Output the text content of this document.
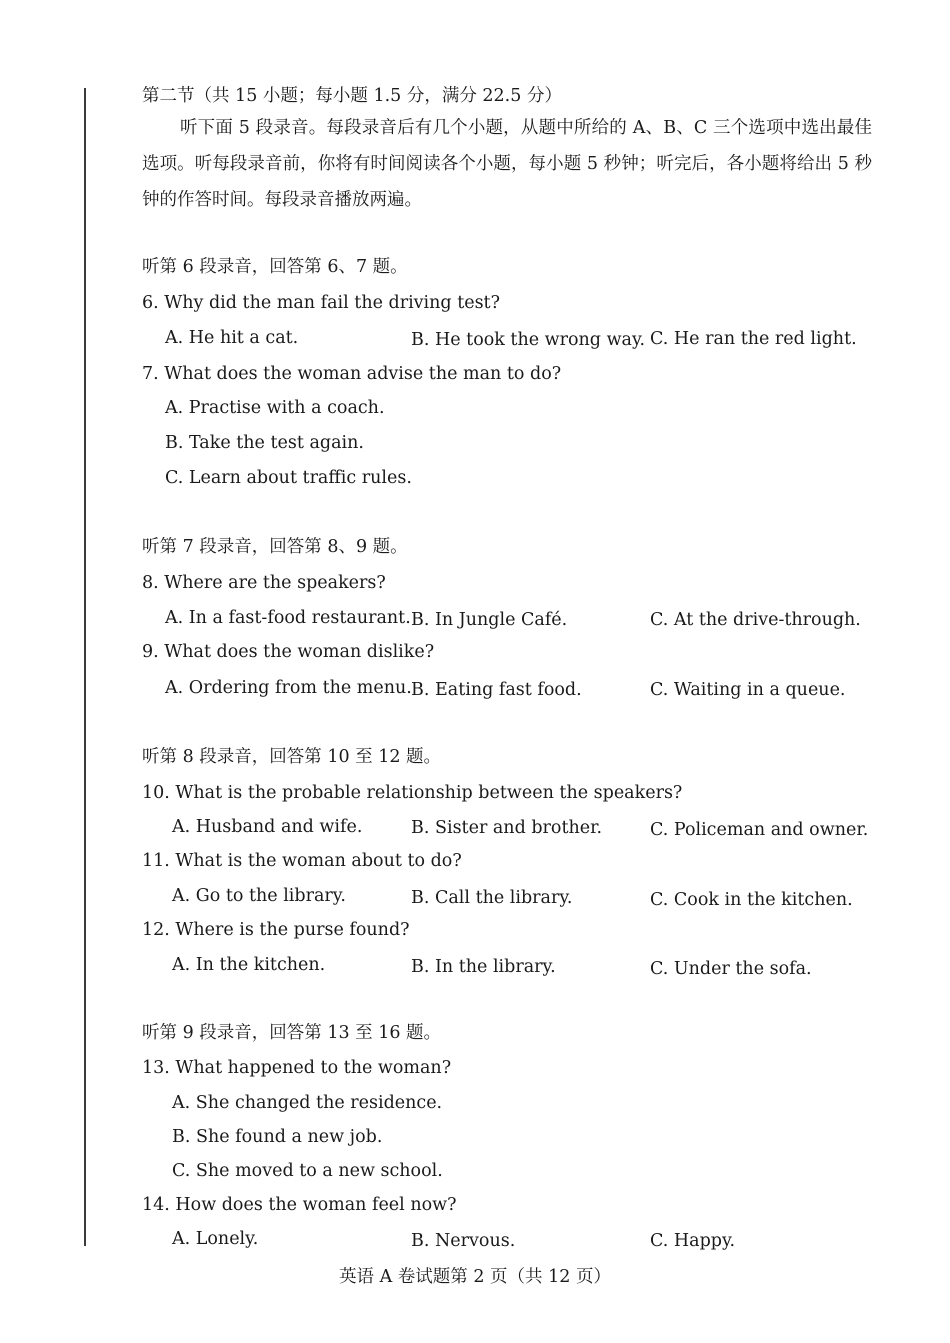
第二节（共 15 小题；每小题 1.5 分，满分 22.5 分）
听下面 5 段录音。每段录音后有几个小题，从题中所给的 A、B、C 三个选项中选出最佳选项。听每段录音前，你将有时间阅读各个小题，每小题 5 秒钟；听完后，各小题将给出 5 秒钟的作答时间。每段录音播放两遍。
听第 6 段录音，回答第 6、7 题。
6. Why did the man fail the driving test?
A. He hit a cat.	B. He took the wrong way. C. He ran the red light.
7. What does the woman advise the man to do?
A. Practise with a coach.
B. Take the test again.
C. Learn about traffic rules.
听第 7 段录音，回答第 8、9 题。
8. Where are the speakers?
A. In a fast-food restaurant. B. In Jungle Café.	C. At the drive-through.
9. What does the woman dislike?
A. Ordering from the menu. B. Eating fast food.	C. Waiting in a queue.
听第 8 段录音，回答第 10 至 12 题。
10. What is the probable relationship between the speakers?
A. Husband and wife.	B. Sister and brother.	C. Policeman and owner.
11. What is the woman about to do?
A. Go to the library.	B. Call the library.	C. Cook in the kitchen.
12. Where is the purse found?
A. In the kitchen.	B. In the library.	C. Under the sofa.
听第 9 段录音，回答第 13 至 16 题。
13. What happened to the woman?
A. She changed the residence.
B. She found a new job.
C. She moved to a new school.
14. How does the woman feel now?
A. Lonely.	B. Nervous.	C. Happy.
英语 A 卷试题第 2 页（共 12 页）
